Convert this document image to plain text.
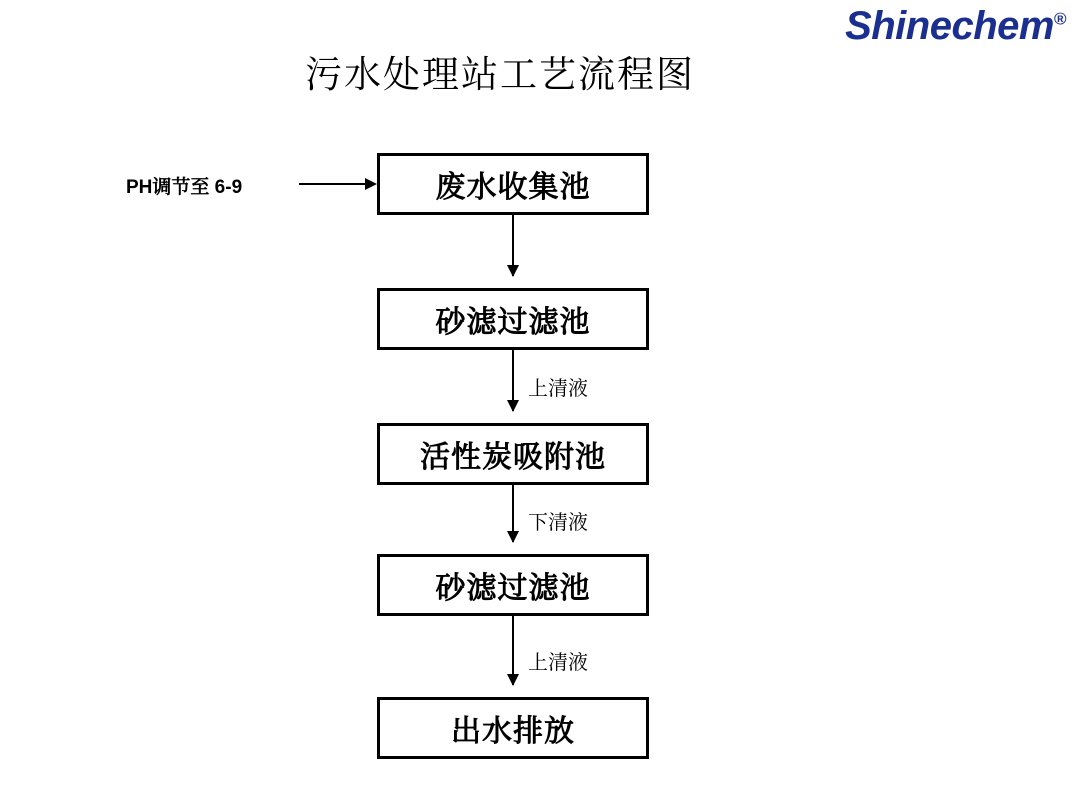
Shinechem®
污水处理站工艺流程图
PH调节至 6-9	废水收集池
砂滤过滤池
上清液
活性炭吸附池
下清液
砂滤过滤池
上清液
出水排放
